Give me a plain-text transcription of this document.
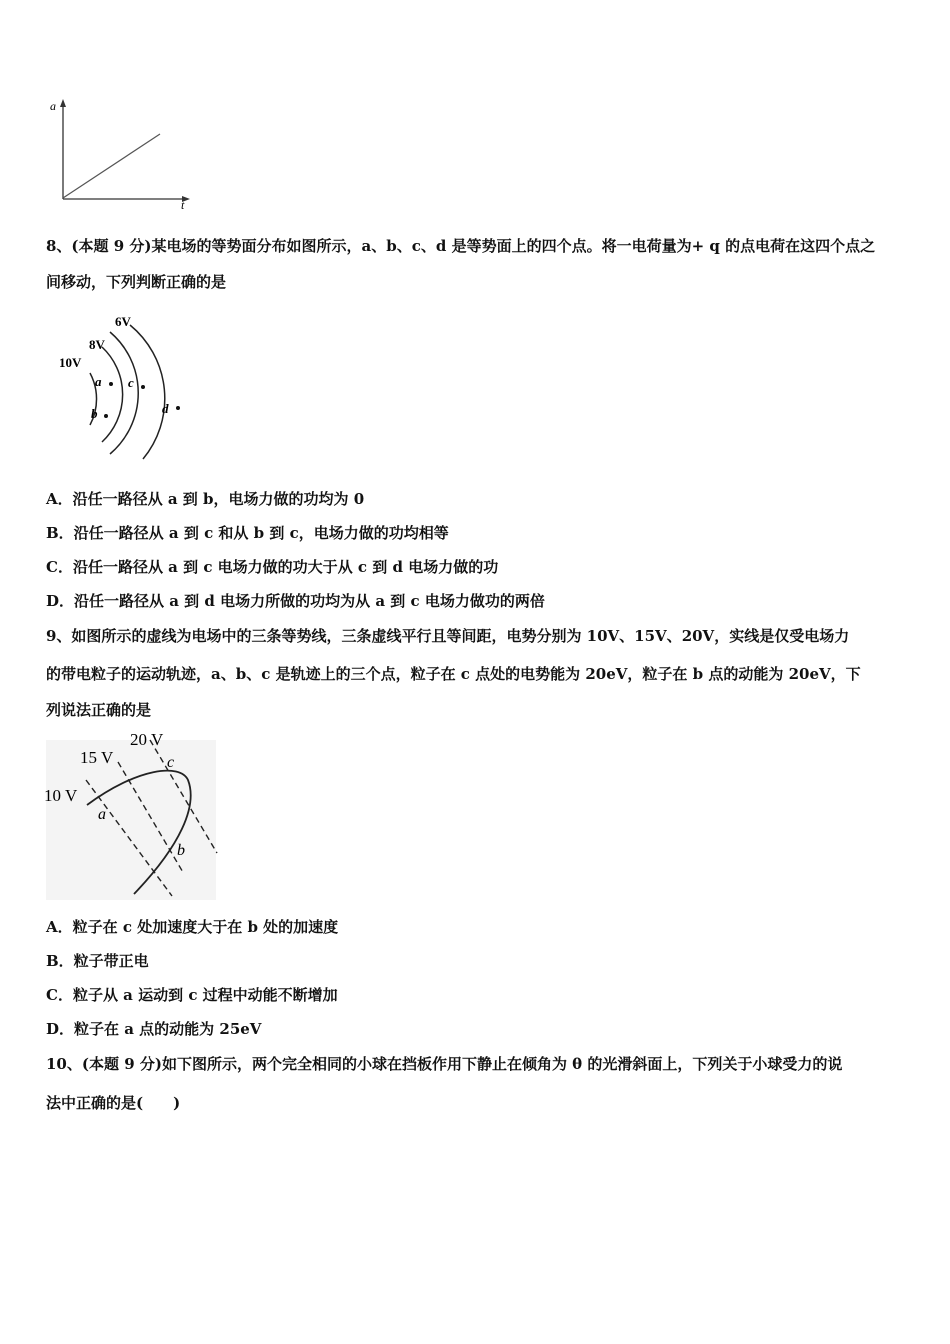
a
t
8、(本题 9 分)某电场的等势面分布如图所示，a、b、c、d 是等势面上的四个点。将一电荷量为+ q 的点电荷在这四个点之
间移动，下列判断正确的是
6V
8V
10V
a
b
c
d
A．沿任一路径从 a 到 b，电场力做的功均为 0
B．沿任一路径从 a 到 c 和从 b 到 c，电场力做的功均相等
C．沿任一路径从 a 到 c 电场力做的功大于从 c 到 d 电场力做的功
D．沿任一路径从 a 到 d 电场力所做的功均为从 a 到 c 电场力做功的两倍
9、如图所示的虚线为电场中的三条等势线，三条虚线平行且等间距，电势分别为 10V、15V、20V，实线是仅受电场力
的带电粒子的运动轨迹，a、b、c 是轨迹上的三个点，粒子在 c 点处的电势能为 20eV，粒子在 b 点的动能为 20eV，下
列说法正确的是
20 V
15 V
10 V
a
b
c
A．粒子在 c 处加速度大于在 b 处的加速度
B．粒子带正电
C．粒子从 a 运动到 c 过程中动能不断增加
D．粒子在 a 点的动能为 25eV
10、(本题 9 分)如下图所示，两个完全相同的小球在挡板作用下静止在倾角为 θ 的光滑斜面上，下列关于小球受力的说
法中正确的是(　　)
